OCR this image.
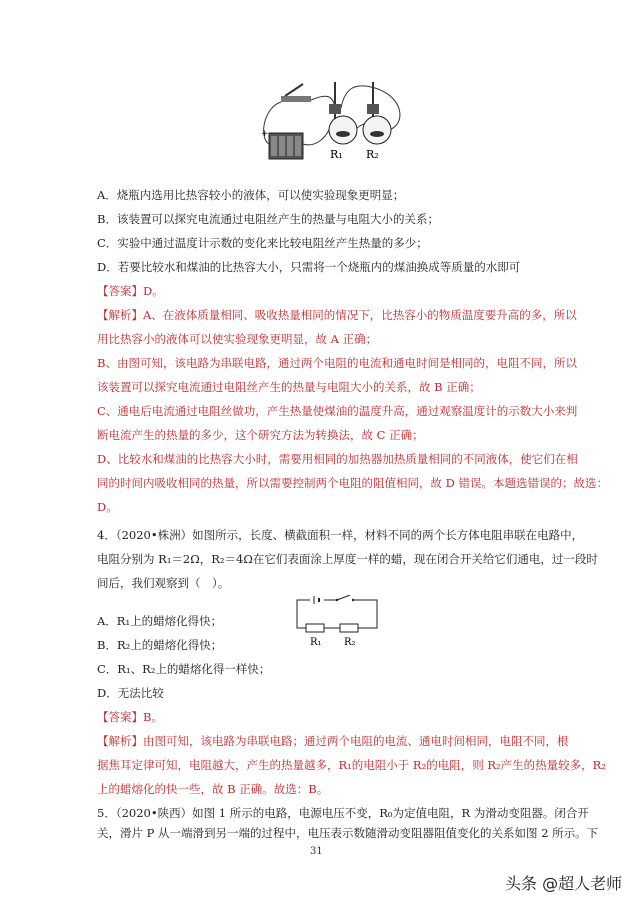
+
R₁ R₂
A．烧瓶内选用比热容较小的液体，可以使实验现象更明显；
B．该装置可以探究电流通过电阻丝产生的热量与电阻大小的关系；
C．实验中通过温度计示数的变化来比较电阻丝产生热量的多少；
D．若要比较水和煤油的比热容大小，只需将一个烧瓶内的煤油换成等质量的水即可
【答案】D。
【解析】A、在液体质量相同、吸收热量相同的情况下，比热容小的物质温度要升高的多，所以
用比热容小的液体可以使实验现象更明显，故 A 正确；
B、由图可知，该电路为串联电路，通过两个电阻的电流和通电时间是相同的，电阻不同，所以
该装置可以探究电流通过电阻丝产生的热量与电阻大小的关系，故 B 正确；
C、通电后电流通过电阻丝做功，产生热量使煤油的温度升高，通过观察温度计的示数大小来判
断电流产生的热量的多少，这个研究方法为转换法，故 C 正确；
D、比较水和煤油的比热容大小时，需要用相同的加热器加热质量相同的不同液体，使它们在相
同的时间内吸收相同的热量，所以需要控制两个电阻的阻值相同，故 D 错误。本题选错误的；故选：
D。
4．（2020•株洲）如图所示，长度、横截面积一样，材料不同的两个长方体电阻串联在电路中，
电阻分别为 R₁＝2Ω，R₂＝4Ω在它们表面涂上厚度一样的蜡，现在闭合开关给它们通电，过一段时
间后，我们观察到（　）。
R₁ R₂
A．R₁上的蜡熔化得快；
B．R₂上的蜡熔化得快；
C．R₁、R₂上的蜡熔化得一样快；
D．无法比较
【答案】B。
【解析】由图可知，该电路为串联电路；通过两个电阻的电流、通电时间相同，电阻不同，根
据焦耳定律可知，电阻越大，产生的热量越多，R₁的电阻小于 R₂的电阻，则 R₂产生的热量较多，R₂
上的蜡熔化的快一些，故 B 正确。故选：B。
5．（2020•陕西）如图 1 所示的电路，电源电压不变，R₀为定值电阻，R 为滑动变阻器。闭合开
关，滑片 P 从一端滑到另一端的过程中，电压表示数随滑动变阻器阻值变化的关系如图 2 所示。下
31
头条 @超人老师
